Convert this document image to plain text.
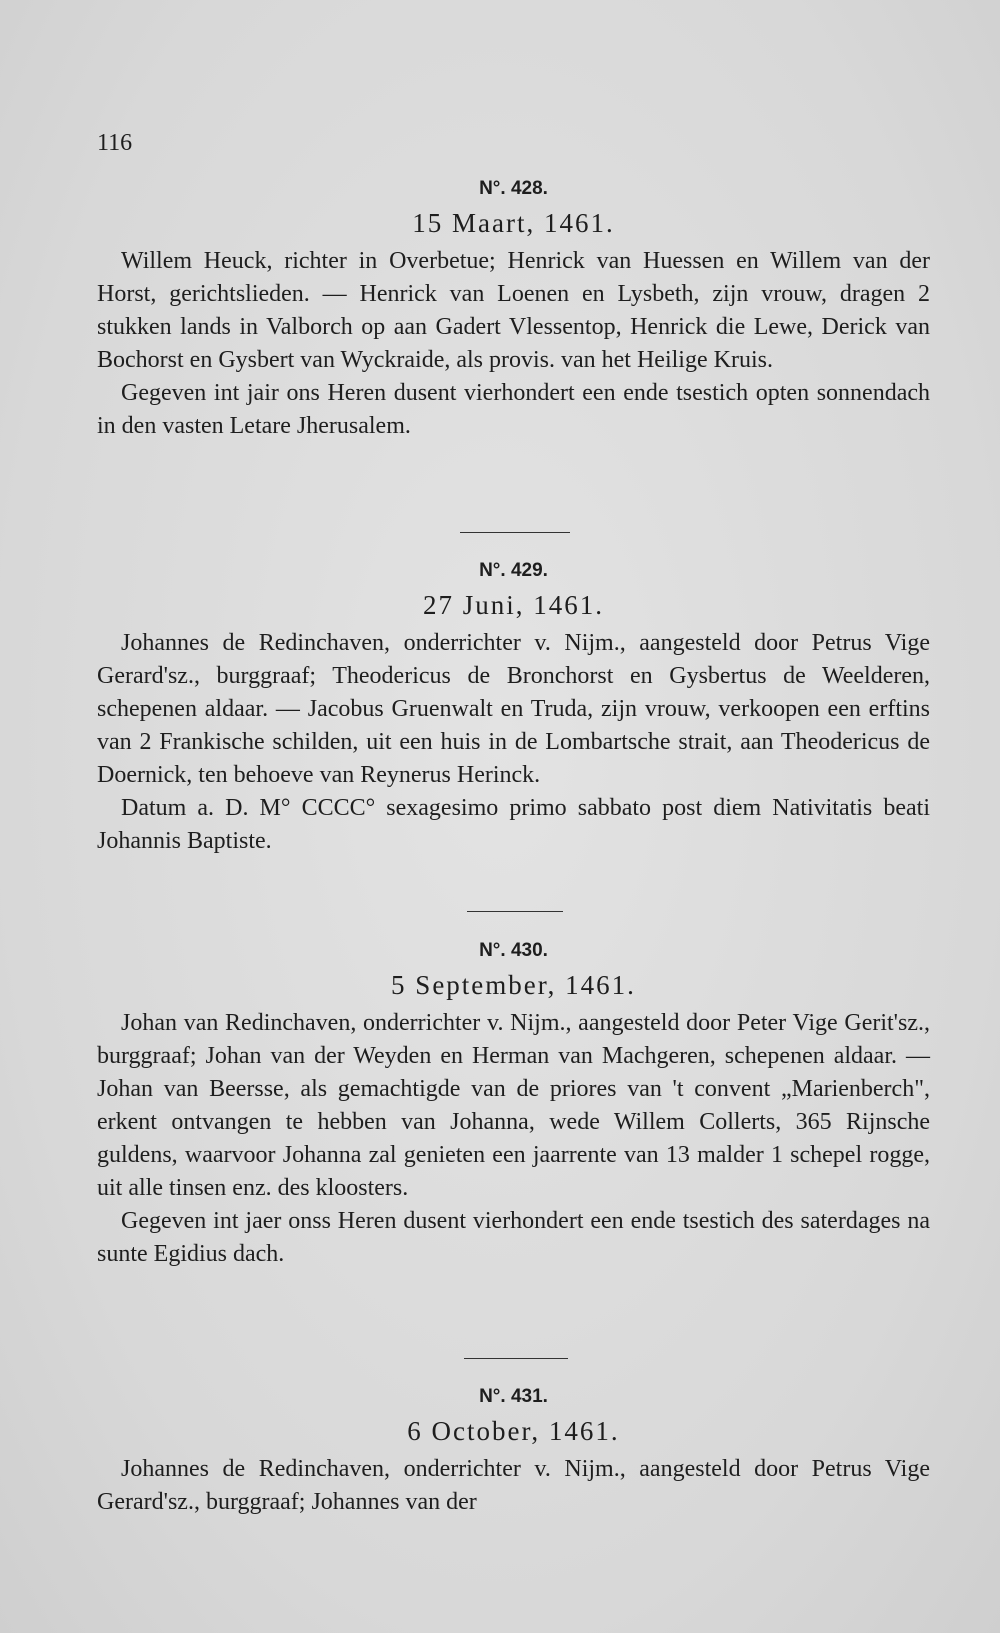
116
N°. 428.
15 Maart, 1461.

Willem Heuck, richter in Overbetue; Henrick van Huessen en Willem van der Horst, gerichtslieden. — Henrick van Loenen en Lysbeth, zijn vrouw, dragen 2 stukken lands in Valborch op aan Gadert Vlessentop, Henrick die Lewe, Derick van Bochorst en Gysbert van Wyckraide, als provis. van het Heilige Kruis.

Gegeven int jair ons Heren dusent vierhondert een ende tsestich opten sonnendach in den vasten Letare Jherusalem.

N°. 429.
27 Juni, 1461.

Johannes de Redinchaven, onderrichter v. Nijm., aangesteld door Petrus Vige Gerard'sz., burggraaf; Theodericus de Bronchorst en Gysbertus de Weelderen, schepenen aldaar. — Jacobus Gruenwalt en Truda, zijn vrouw, verkoopen een erftins van 2 Frankische schilden, uit een huis in de Lombartsche strait, aan Theodericus de Doernick, ten behoeve van Reynerus Herinck.

Datum a. D. M° CCCC° sexagesimo primo sabbato post diem Nativitatis beati Johannis Baptiste.

N°. 430.
5 September, 1461.

Johan van Redinchaven, onderrichter v. Nijm., aangesteld door Peter Vige Gerit'sz., burggraaf; Johan van der Weyden en Herman van Machgeren, schepenen aldaar. — Johan van Beersse, als gemachtigde van de priores van 't convent „Marienberch", erkent ontvangen te hebben van Johanna, wede Willem Collerts, 365 Rijnsche guldens, waarvoor Johanna zal genieten een jaarrente van 13 malder 1 schepel rogge, uit alle tinsen enz. des kloosters.

Gegeven int jaer onss Heren dusent vierhondert een ende tsestich des saterdages na sunte Egidius dach.

N°. 431.
6 October, 1461.

Johannes de Redinchaven, onderrichter v. Nijm., aangesteld door Petrus Vige Gerard'sz., burggraaf; Johannes van der
